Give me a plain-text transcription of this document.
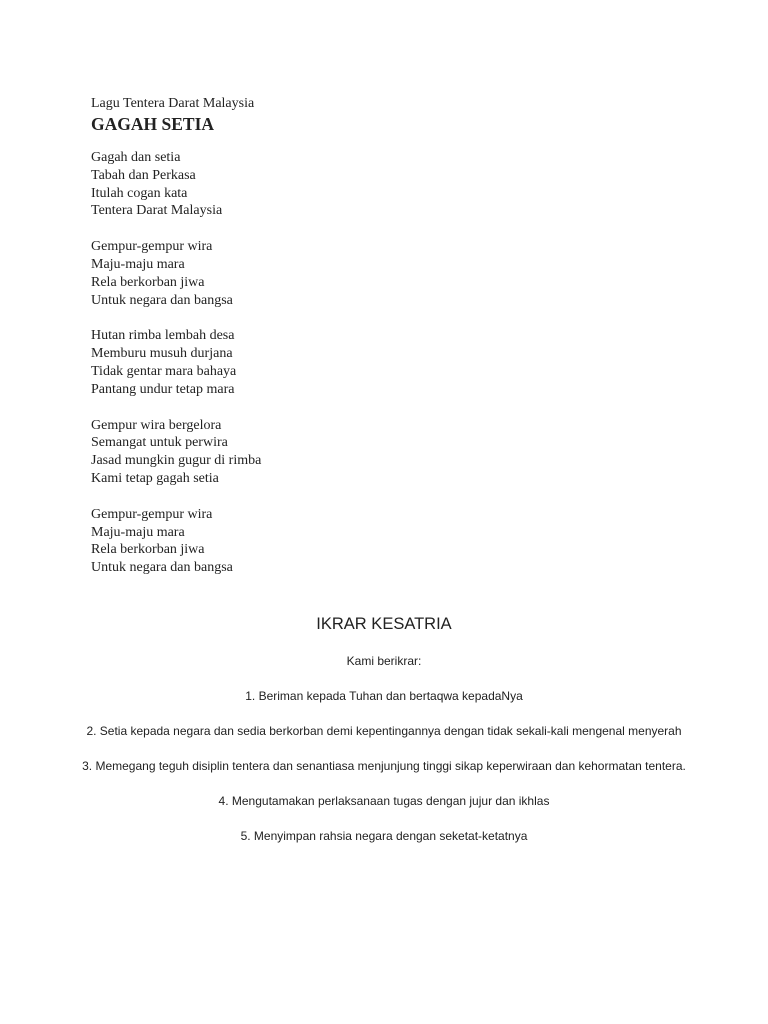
Lagu Tentera Darat Malaysia

GAGAH SETIA

Gagah dan setia
Tabah dan Perkasa
Itulah cogan kata
Tentera Darat Malaysia
Gempur-gempur wira
Maju-maju mara
Rela berkorban jiwa
Untuk negara dan bangsa
Hutan rimba lembah desa
Memburu musuh durjana
Tidak gentar mara bahaya
Pantang undur tetap mara
Gempur wira bergelora
Semangat untuk perwira
Jasad mungkin gugur di rimba
Kami tetap gagah setia
Gempur-gempur wira
Maju-maju mara
Rela berkorban jiwa
Untuk negara dan bangsa

IKRAR KESATRIA

Kami berikrar:

1. Beriman kepada Tuhan dan bertaqwa kepadaNya

2. Setia kepada negara dan sedia berkorban demi kepentingannya dengan tidak sekali-kali mengenal menyerah

3. Memegang teguh disiplin tentera dan senantiasa menjunjung tinggi sikap keperwiraan dan kehormatan tentera.

4. Mengutamakan perlaksanaan tugas dengan jujur dan ikhlas

5. Menyimpan rahsia negara dengan seketat-ketatnya
